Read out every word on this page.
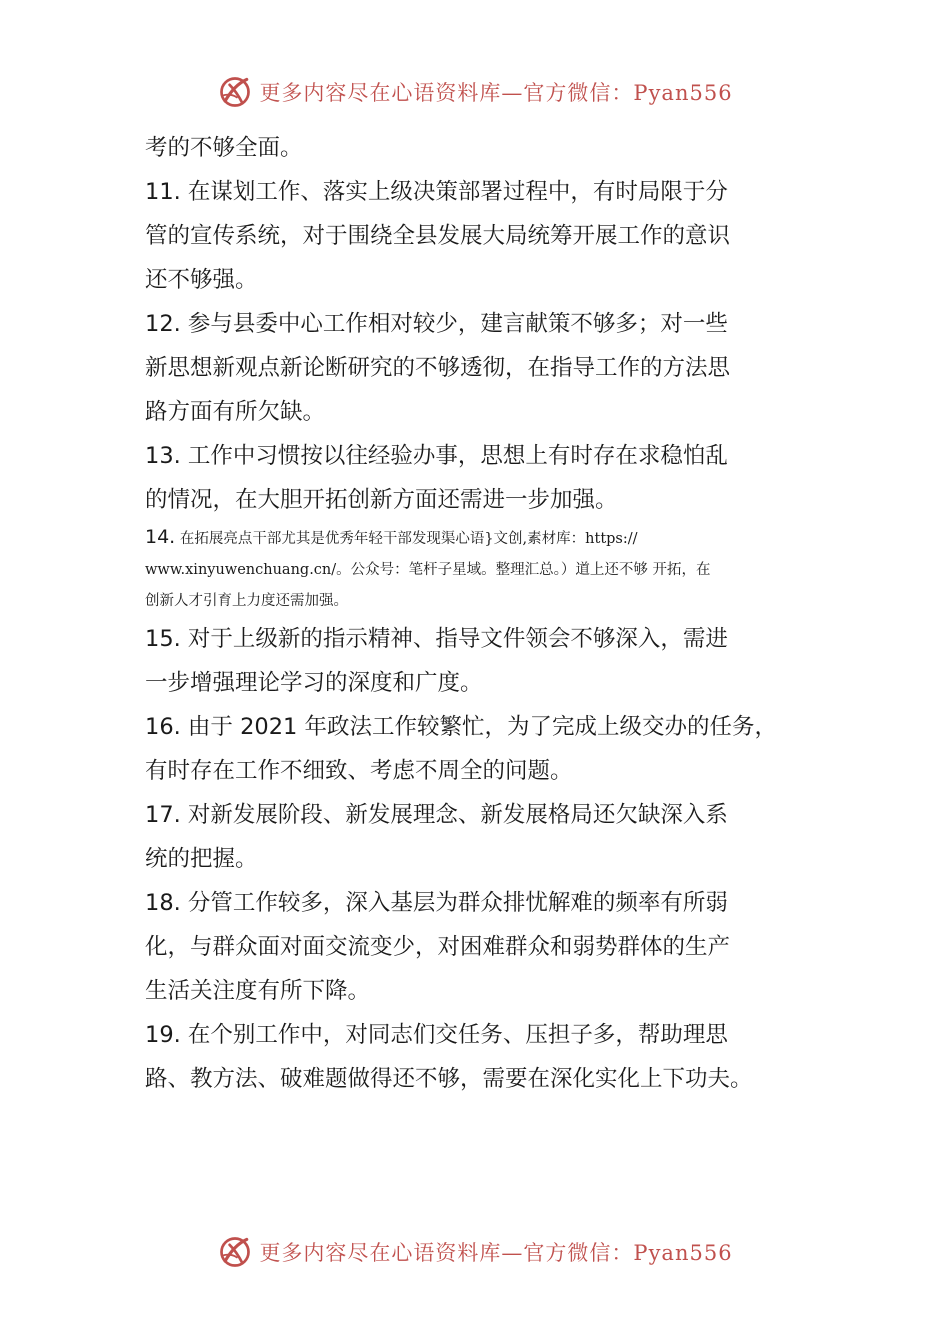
更多内容尽在心语资料库—官方微信：Pyan556

考的不够全面。

11. 在谋划工作、落实上级决策部署过程中，有时局限于分
管的宣传系统，对于围绕全县发展大局统筹开展工作的意识
还不够强。

12. 参与县委中心工作相对较少，建言献策不够多；对一些
新思想新观点新论断研究的不够透彻，在指导工作的方法思
路方面有所欠缺。

13. 工作中习惯按以往经验办事，思想上有时存在求稳怕乱
的情况，在大胆开拓创新方面还需进一步加强。

14. 在拓展亮点干部尤其是优秀年轻干部发现渠心语}文创,素材库：https://
www.xinyuwenchuang.cn/。公众号：笔杆子星域。整理汇总。）道上还不够 开拓，在
创新人才引育上力度还需加强。

15. 对于上级新的指示精神、指导文件领会不够深入，需进
一步增强理论学习的深度和广度。

16. 由于 2021 年政法工作较繁忙，为了完成上级交办的任务，
有时存在工作不细致、考虑不周全的问题。

17. 对新发展阶段、新发展理念、新发展格局还欠缺深入系
统的把握。

18. 分管工作较多，深入基层为群众排忧解难的频率有所弱
化，与群众面对面交流变少，对困难群众和弱势群体的生产
生活关注度有所下降。

19. 在个别工作中，对同志们交任务、压担子多，帮助理思
路、教方法、破难题做得还不够，需要在深化实化上下功夫。

更多内容尽在心语资料库—官方微信：Pyan556
